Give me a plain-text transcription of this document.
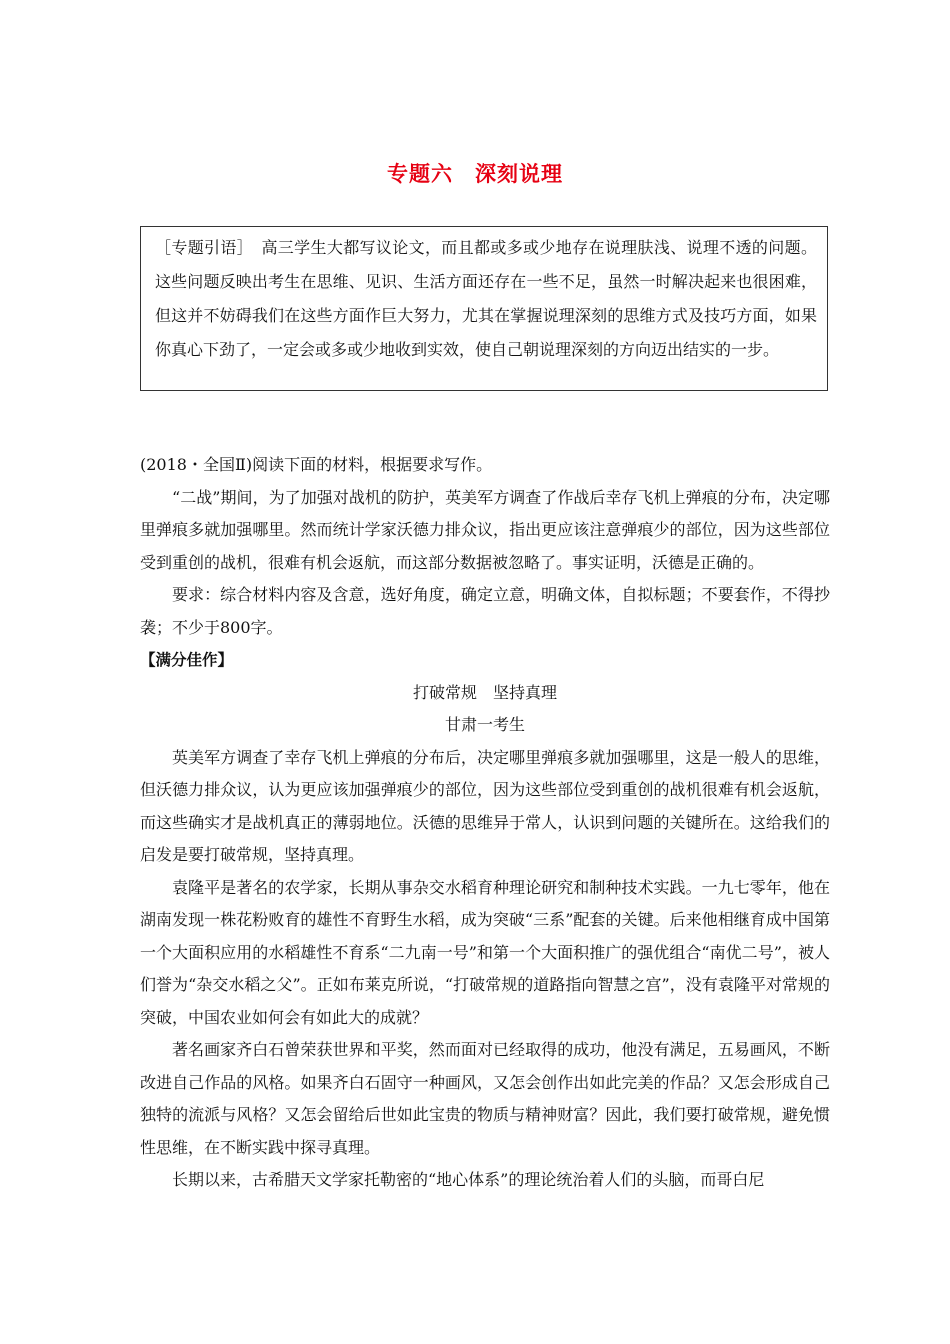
专题六　深刻说理

［专题引语］　高三学生大都写议论文，而且都或多或少地存在说理肤浅、说理不透的问题。这些问题反映出考生在思维、见识、生活方面还存在一些不足，虽然一时解决起来也很困难，但这并不妨碍我们在这些方面作巨大努力，尤其在掌握说理深刻的思维方式及技巧方面，如果你真心下劲了，一定会或多或少地收到实效，使自己朝说理深刻的方向迈出结实的一步。

(2018・全国Ⅱ)阅读下面的材料，根据要求写作。

“二战”期间，为了加强对战机的防护，英美军方调查了作战后幸存飞机上弹痕的分布，决定哪里弹痕多就加强哪里。然而统计学家沃德力排众议，指出更应该注意弹痕少的部位，因为这些部位受到重创的战机，很难有机会返航，而这部分数据被忽略了。事实证明，沃德是正确的。

要求：综合材料内容及含意，选好角度，确定立意，明确文体，自拟标题；不要套作，不得抄袭；不少于800字。

【满分佳作】

打破常规　坚持真理

甘肃一考生

英美军方调查了幸存飞机上弹痕的分布后，决定哪里弹痕多就加强哪里，这是一般人的思维，但沃德力排众议，认为更应该加强弹痕少的部位，因为这些部位受到重创的战机很难有机会返航，而这些确实才是战机真正的薄弱地位。沃德的思维异于常人，认识到问题的关键所在。这给我们的启发是要打破常规，坚持真理。

袁隆平是著名的农学家，长期从事杂交水稻育种理论研究和制种技术实践。一九七零年，他在湖南发现一株花粉败育的雄性不育野生水稻，成为突破“三系”配套的关键。后来他相继育成中国第一个大面积应用的水稻雄性不育系“二九南一号”和第一个大面积推广的强优组合“南优二号”，被人们誉为“杂交水稻之父”。正如布莱克所说，“打破常规的道路指向智慧之宫”，没有袁隆平对常规的突破，中国农业如何会有如此大的成就？

著名画家齐白石曾荣获世界和平奖，然而面对已经取得的成功，他没有满足，五易画风，不断改进自己作品的风格。如果齐白石固守一种画风，又怎会创作出如此完美的作品？又怎会形成自己独特的流派与风格？又怎会留给后世如此宝贵的物质与精神财富？因此，我们要打破常规，避免惯性思维，在不断实践中探寻真理。

长期以来，古希腊天文学家托勒密的“地心体系”的理论统治着人们的头脑，而哥白尼
